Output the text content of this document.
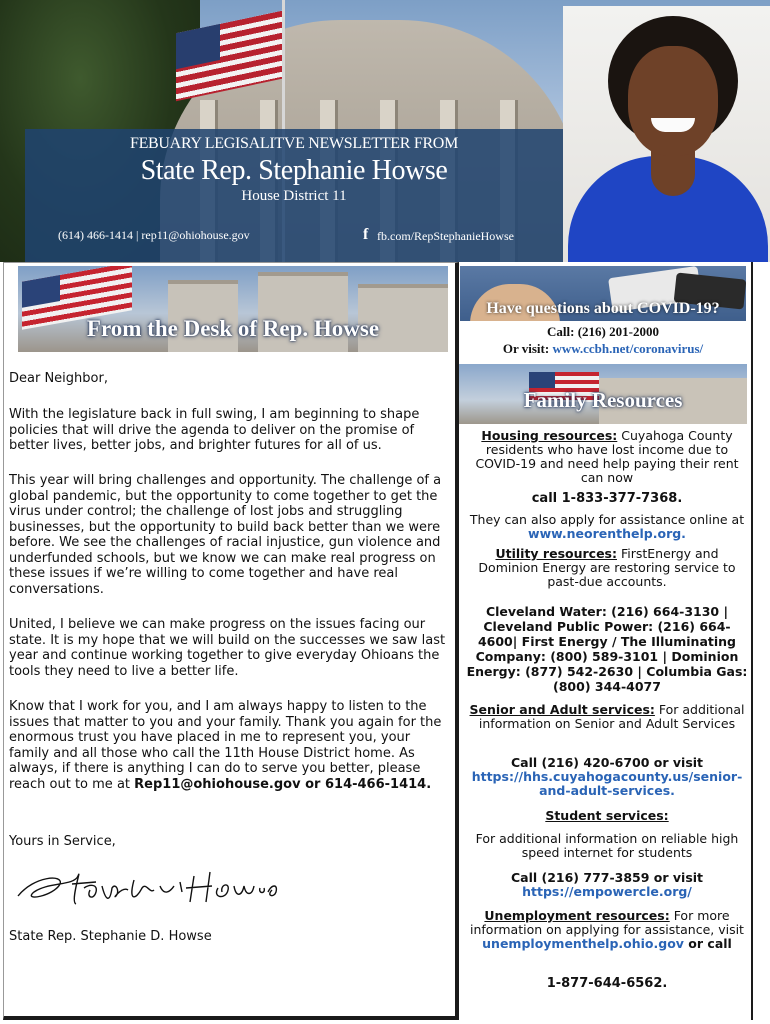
FEBUARY LEGISALITVE NEWSLETTER FROM
State Rep. Stephanie Howse
House District 11
(614) 466-1414 | rep11@ohiohouse.gov	f fb.com/RepStephanieHowse
From the Desk of Rep. Howse
Dear Neighbor,
With the legislature back in full swing, I am beginning to shape policies that will drive the agenda to deliver on the promise of better lives, better jobs, and brighter futures for all of us.
This year will bring challenges and opportunity. The challenge of a global pandemic, but the opportunity to come together to get the virus under control; the challenge of lost jobs and struggling businesses, but the opportunity to build back better than we were before. We see the challenges of racial injustice, gun violence and underfunded schools, but we know we can make real progress on these issues if we’re willing to come together and have real conversations.
United, I believe we can make progress on the issues facing our state. It is my hope that we will build on the successes we saw last year and continue working together to give everyday Ohioans the tools they need to live a better life.
Know that I work for you, and I am always happy to listen to the issues that matter to you and your family. Thank you again for the enormous trust you have placed in me to represent you, your family and all those who call the 11th House District home. As always, if there is anything I can do to serve you better, please reach out to me at Rep11@ohiohouse.gov or 614-466-1414.
Yours in Service,
State Rep. Stephanie D. Howse
Have questions about COVID-19?
Call: (216) 201-2000
Or visit: www.ccbh.net/coronavirus/
Family Resources
Housing resources: Cuyahoga County residents who have lost income due to COVID-19 and need help paying their rent can now
call 1-833-377-7368.
They can also apply for assistance online at www.neorenthelp.org.
Utility resources: FirstEnergy and Dominion Energy are restoring service to past-due accounts.
Cleveland Water: (216) 664-3130 | Cleveland Public Power: (216) 664-4600| First Energy / The Illuminating Company: (800) 589-3101 | Dominion Energy: (877) 542-2630 | Columbia Gas: (800) 344-4077
Senior and Adult services: For additional information on Senior and Adult Services
Call (216) 420-6700 or visit https://hhs.cuyahogacounty.us/senior-and-adult-services.
Student services:
For additional information on reliable high speed internet for students
Call (216) 777-3859 or visit
https://empowercle.org/
Unemployment resources: For more information on applying for assistance, visit unemploymenthelp.ohio.gov or call
1-877-644-6562.
